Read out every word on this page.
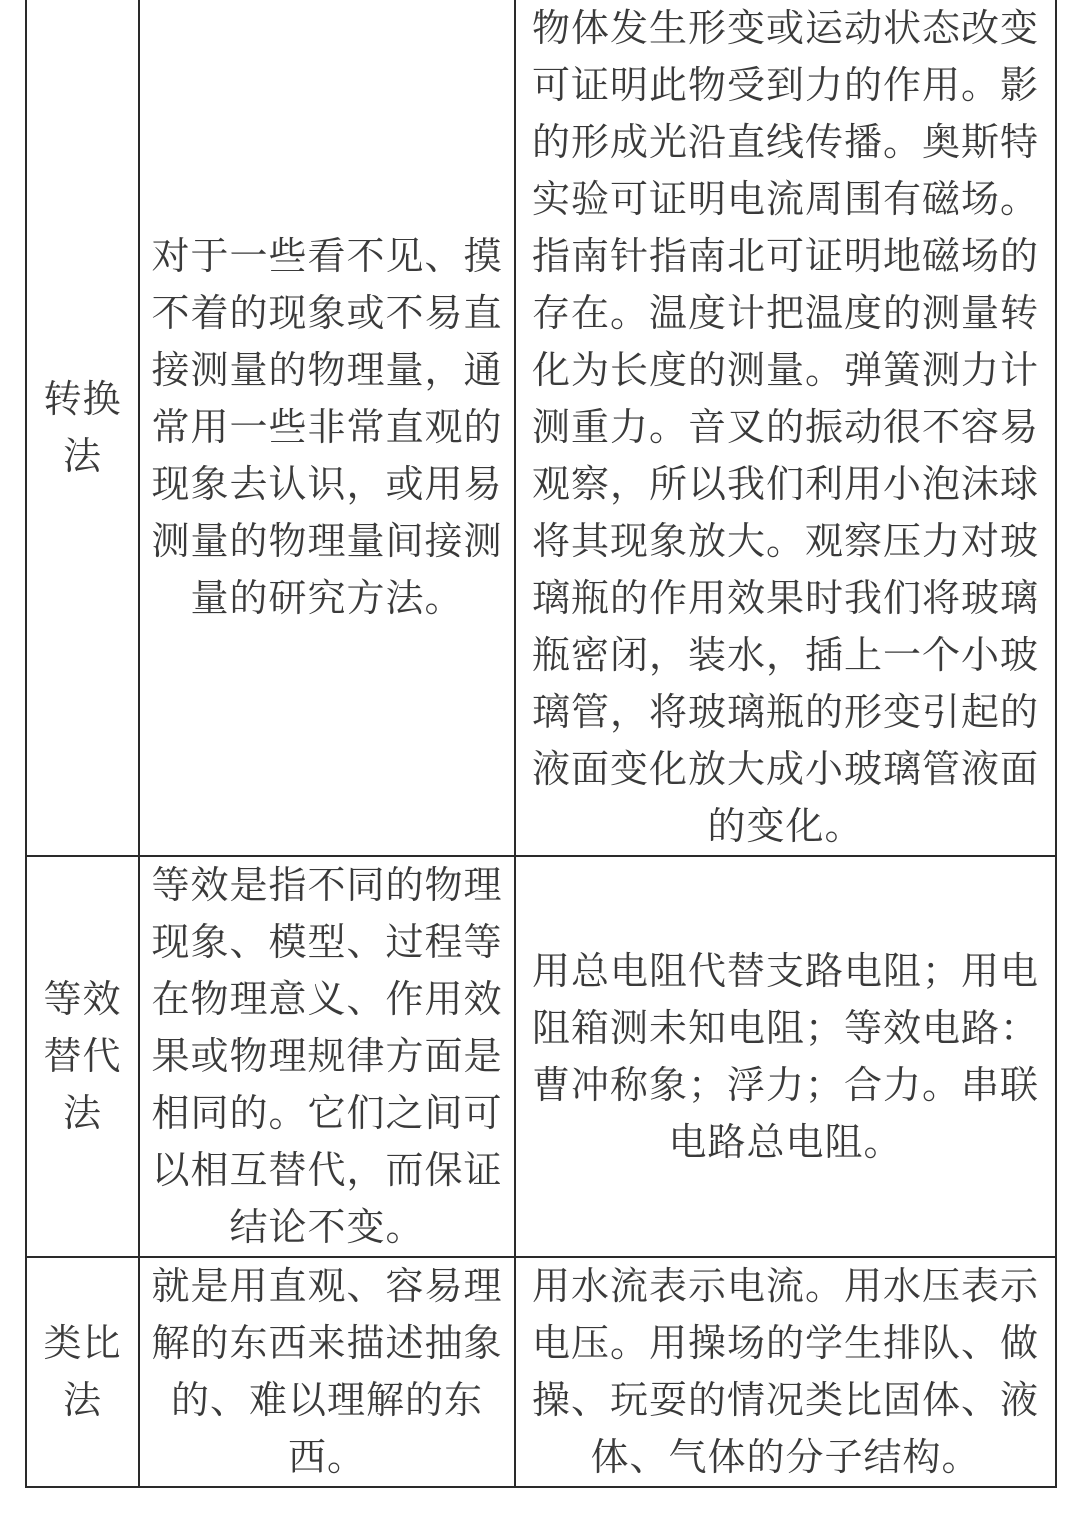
转换法	对于一些看不见、摸不着的现象或不易直接测量的物理量，通常用一些非常直观的现象去认识，或用易测量的物理量间接测量的研究方法。	物体发生形变或运动状态改变可证明此物受到力的作用。影的形成光沿直线传播。奥斯特实验可证明电流周围有磁场。指南针指南北可证明地磁场的存在。温度计把温度的测量转化为长度的测量。弹簧测力计测重力。音叉的振动很不容易观察，所以我们利用小泡沫球将其现象放大。观察压力对玻璃瓶的作用效果时我们将玻璃瓶密闭，装水，插上一个小玻璃管，将玻璃瓶的形变引起的液面变化放大成小玻璃管液面的变化。
等效替代法	等效是指不同的物理现象、模型、过程等在物理意义、作用效果或物理规律方面是相同的。它们之间可以相互替代，而保证结论不变。	用总电阻代替支路电阻；用电阻箱测未知电阻；等效电路：曹冲称象；浮力；合力。串联电路总电阻。
类比法	就是用直观、容易理解的东西来描述抽象的、难以理解的东西。	用水流表示电流。用水压表示电压。用操场的学生排队、做操、玩耍的情况类比固体、液体、气体的分子结构。
